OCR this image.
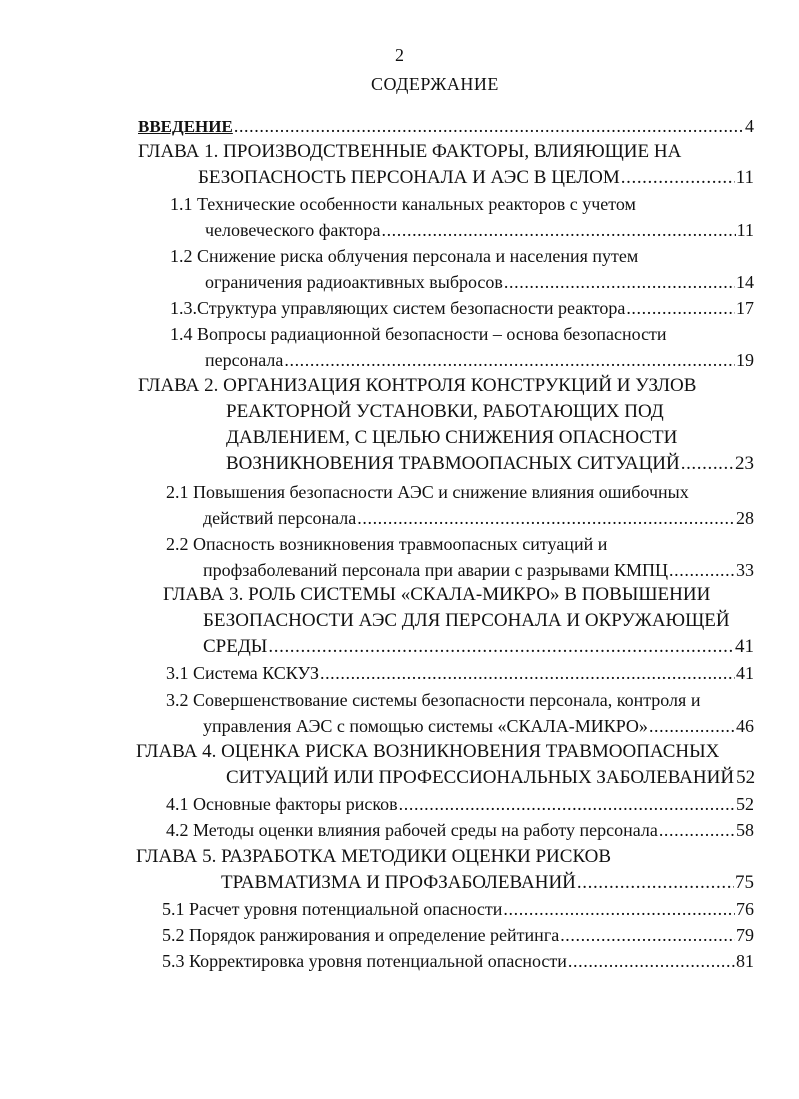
2
СОДЕРЖАНИЕ
ВВЕДЕНИЕ .....	4
ГЛАВА 1. ПРОИЗВОДСТВЕННЫЕ ФАКТОРЫ, ВЛИЯЮЩИЕ НА
БЕЗОПАСНОСТЬ ПЕРСОНАЛА И АЭС В ЦЕЛОМ .....	11
1.1 Технические особенности канальных реакторов с учетом
человеческого фактора .....	11
1.2 Снижение риска облучения персонала и населения путем
ограничения радиоактивных выбросов .....	14
1.3.Структура управляющих систем безопасности реактора .....	17
1.4 Вопросы радиационной безопасности – основа безопасности
персонала .....	19
ГЛАВА 2. ОРГАНИЗАЦИЯ КОНТРОЛЯ КОНСТРУКЦИЙ И УЗЛОВ
РЕАКТОРНОЙ УСТАНОВКИ, РАБОТАЮЩИХ ПОД
ДАВЛЕНИЕМ, С ЦЕЛЬЮ СНИЖЕНИЯ ОПАСНОСТИ
ВОЗНИКНОВЕНИЯ ТРАВМООПАСНЫХ СИТУАЦИЙ .....	23
2.1 Повышения безопасности АЭС и снижение влияния ошибочных
действий персонала .....	28
2.2 Опасность возникновения травмоопасных ситуаций и
профзаболеваний персонала при аварии с разрывами КМПЦ .....	33
ГЛАВА 3. РОЛЬ СИСТЕМЫ «СКАЛА-МИКРО» В ПОВЫШЕНИИ
БЕЗОПАСНОСТИ АЭС ДЛЯ ПЕРСОНАЛА И ОКРУЖАЮЩЕЙ
СРЕДЫ .....	41
3.1 Система КСКУЗ .....	41
3.2 Совершенствование системы безопасности персонала, контроля и
управления АЭС с помощью системы «СКАЛА-МИКРО» .....	46
ГЛАВА 4. ОЦЕНКА РИСКА ВОЗНИКНОВЕНИЯ ТРАВМООПАСНЫХ
СИТУАЦИЙ ИЛИ ПРОФЕССИОНАЛЬНЫХ ЗАБОЛЕВАНИЙ 52
4.1 Основные факторы рисков .....	52
4.2 Методы оценки влияния рабочей среды на работу персонала .....	58
ГЛАВА 5. РАЗРАБОТКА МЕТОДИКИ ОЦЕНКИ РИСКОВ
ТРАВМАТИЗМА И ПРОФЗАБОЛЕВАНИЙ .....	75
5.1 Расчет уровня потенциальной опасности .....	76
5.2 Порядок ранжирования и определение рейтинга .....	79
5.3 Корректировка уровня потенциальной опасности .....	81
